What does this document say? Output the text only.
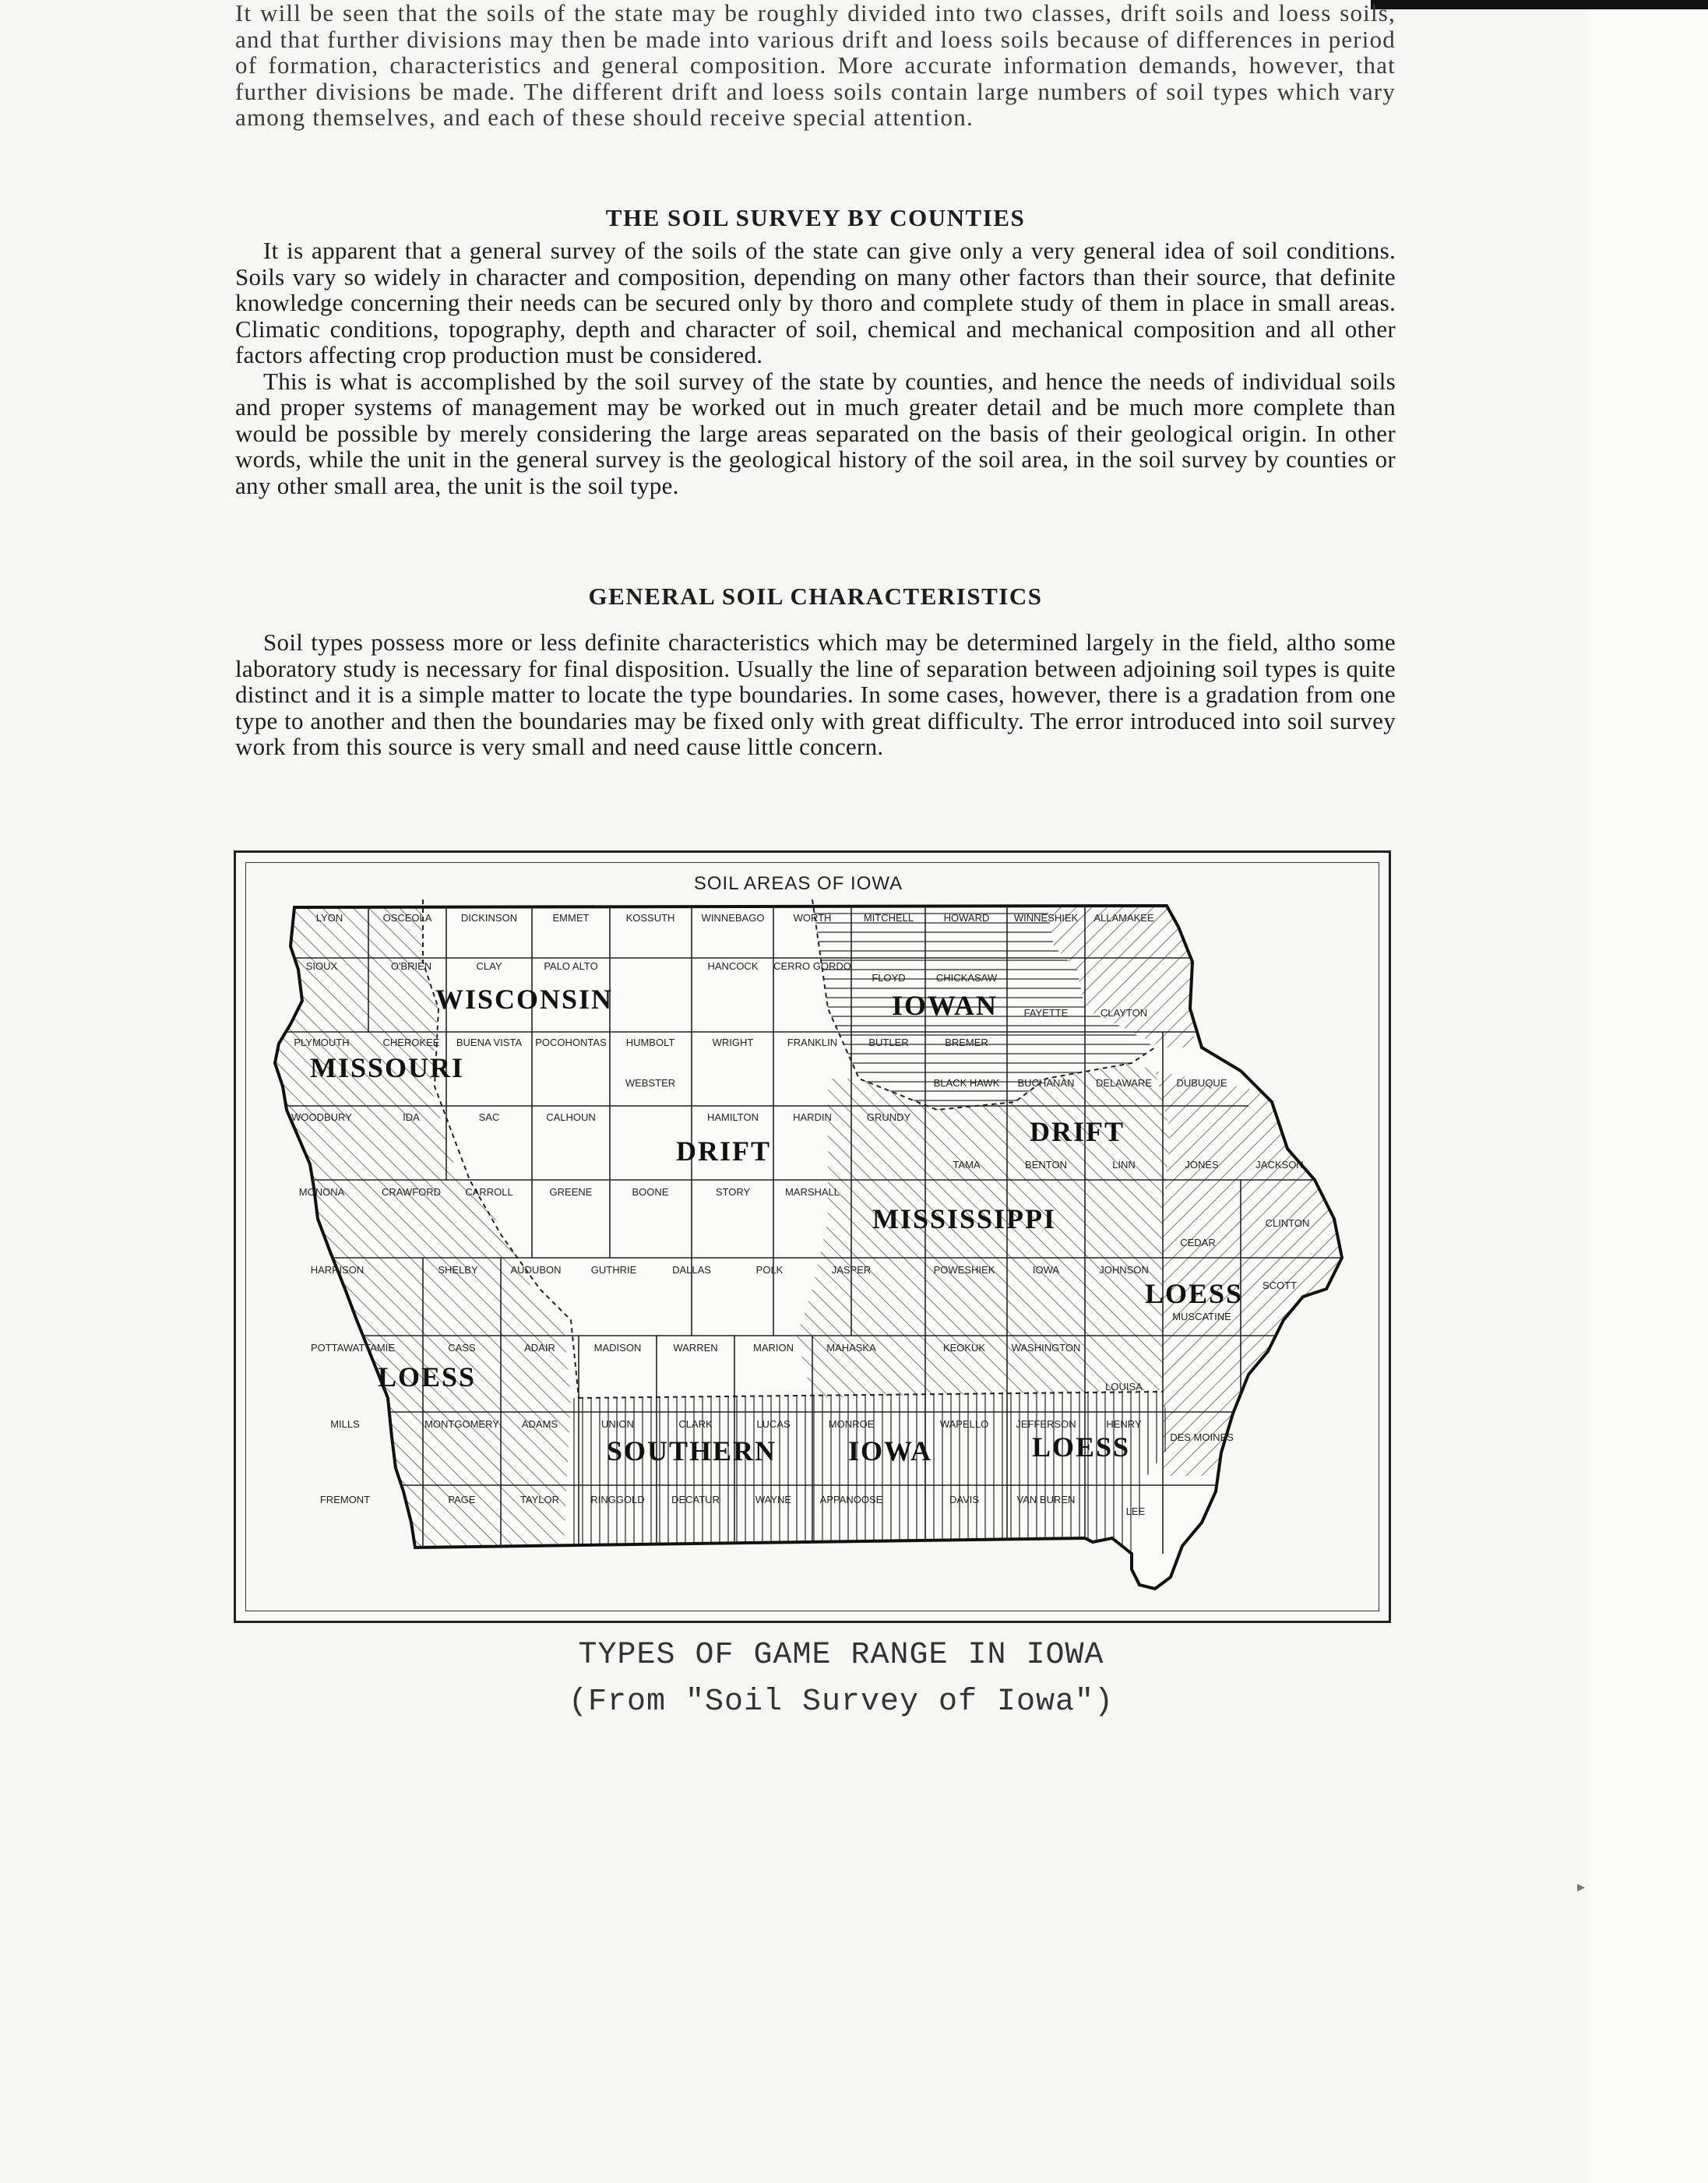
It will be seen that the soils of the state may be roughly divided into two classes, drift soils and loess soils, and that further divisions may then be made into various drift and loess soils because of differences in period of formation, characteristics and general composition. More accurate information demands, however, that further divisions be made. The different drift and loess soils contain large numbers of soil types which vary among themselves, and each of these should receive special attention.

THE SOIL SURVEY BY COUNTIES

It is apparent that a general survey of the soils of the state can give only a very general idea of soil conditions. Soils vary so widely in character and composition, depending on many other factors than their source, that definite knowledge concerning their needs can be secured only by thoro and complete study of them in place in small areas. Climatic conditions, topography, depth and character of soil, chemical and mechanical composition and all other factors affecting crop production must be considered.

This is what is accomplished by the soil survey of the state by counties, and hence the needs of individual soils and proper systems of management may be worked out in much greater detail and be much more complete than would be possible by merely considering the large areas separated on the basis of their geological origin. In other words, while the unit in the general survey is the geological history of the soil area, in the soil survey by counties or any other small area, the unit is the soil type.

GENERAL SOIL CHARACTERISTICS

Soil types possess more or less definite characteristics which may be determined largely in the field, altho some laboratory study is necessary for final disposition. Usually the line of separation between adjoining soil types is quite distinct and it is a simple matter to locate the type boundaries. In some cases, however, there is a gradation from one type to another and then the boundaries may be fixed only with great difficulty. The error introduced into soil survey work from this source is very small and need cause little concern.

SOIL AREAS OF IOWA
LYON	OSCEOLA	DICKINSON	EMMET	KOSSUTH	WINNEBAGO	WORTH	MITCHELL	HOWARD WINNESHIEK ALLAMAKEE
SIOUX	O'BRIEN	CLAY	PALO ALTO	HANCOCK CERRO GORDO
FLOYD	CHICKASAW
FAYETTE	CLAYTON
PLYMOUTH	CHEROKEE BUENA VISTA POCOHONTAS HUMBOLT	WRIGHT	FRANKLIN	BUTLER	BREMER
WEBSTER	BLACK HAWK BUCHANAN DELAWARE DUBUQUE
WOODBURY	IDA	SAC	CALHOUN	HAMILTON	HARDIN	GRUNDY
TAMA	BENTON	LINN	JONES	JACKSON
MONONA	CRAWFORD CARROLL	GREENE	BOONE	STORY	MARSHALL
CLINTON
CEDAR
HARRISON	SHELBY	AUDUBON	GUTHRIE	DALLAS	POLK	JASPER	POWESHIEK	IOWA	JOHNSON
SCOTT
MUSCATINE
POTTAWATTAMIE	CASS	ADAIR	MADISON	WARREN	MARION	MAHASKA	KEOKUK	WASHINGTON
LOUISA
MILLS	MONTGOMERY ADAMS	UNION	CLARK	LUCAS	MONROE	WAPELLO	JEFFERSON	HENRY
DES MOINES
FREMONT	PAGE	TAYLOR	RINGGOLD	DECATUR	WAYNE	APPANOOSE	DAVIS	VAN BUREN
LEE
WISCONSIN
MISSOURI
DRIFT
IOWAN
DRIFT
MISSISSIPPI
LOESS
LOESS
SOUTHERN	IOWA	LOESS

TYPES OF GAME RANGE IN IOWA

(From "Soil Survey of Iowa")

▸
